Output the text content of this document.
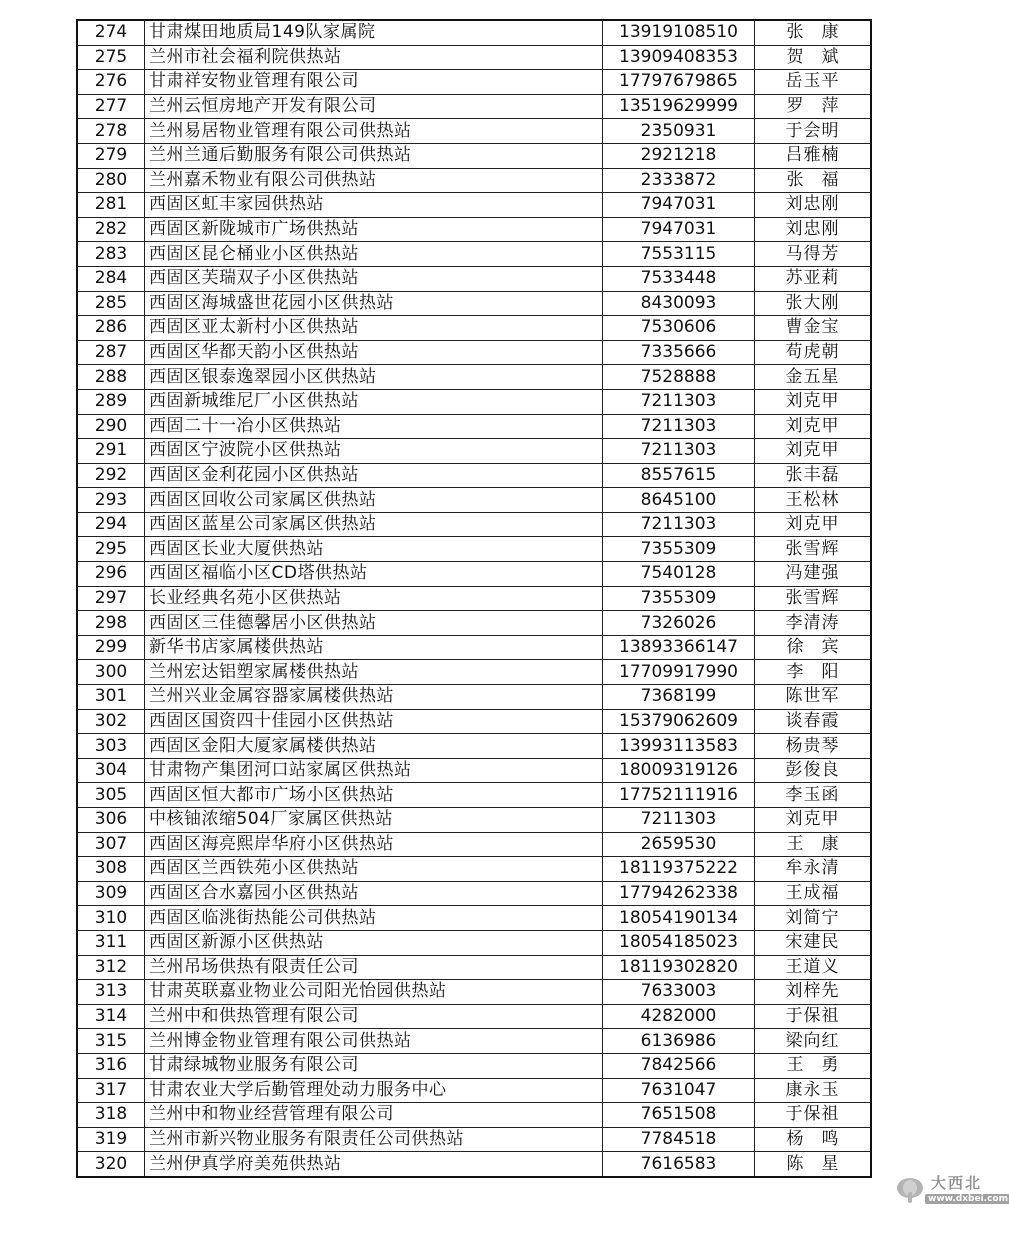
274	甘肃煤田地质局149队家属院	13919108510	张康
275	兰州市社会福利院供热站	13909408353	贺斌
276	甘肃祥安物业管理有限公司	17797679865	岳玉平
277	兰州云恒房地产开发有限公司	13519629999	罗萍
278	兰州易居物业管理有限公司供热站	2350931	于会明
279	兰州兰通后勤服务有限公司供热站	2921218	吕雅楠
280	兰州嘉禾物业有限公司供热站	2333872	张福
281	西固区虹丰家园供热站	7947031	刘忠刚
282	西固区新陇城市广场供热站	7947031	刘忠刚
283	西固区昆仑桶业小区供热站	7553115	马得芳
284	西固区芙瑞双子小区供热站	7533448	苏亚莉
285	西固区海城盛世花园小区供热站	8430093	张大刚
286	西固区亚太新村小区供热站	7530606	曹金宝
287	西固区华都天韵小区供热站	7335666	苟虎朝
288	西固区银泰逸翠园小区供热站	7528888	金五星
289	西固新城维尼厂小区供热站	7211303	刘克甲
290	西固二十一冶小区供热站	7211303	刘克甲
291	西固区宁波院小区供热站	7211303	刘克甲
292	西固区金利花园小区供热站	8557615	张丰磊
293	西固区回收公司家属区供热站	8645100	王松林
294	西固区蓝星公司家属区供热站	7211303	刘克甲
295	西固区长业大厦供热站	7355309	张雪辉
296	西固区福临小区CD塔供热站	7540128	冯建强
297	长业经典名苑小区供热站	7355309	张雪辉
298	西固区三佳德馨居小区供热站	7326026	李清涛
299	新华书店家属楼供热站	13893366147	徐宾
300	兰州宏达铝塑家属楼供热站	17709917990	李阳
301	兰州兴业金属容器家属楼供热站	7368199	陈世军
302	西固区国资四十佳园小区供热站	15379062609	谈春霞
303	西固区金阳大厦家属楼供热站	13993113583	杨贵琴
304	甘肃物产集团河口站家属区供热站	18009319126	彭俊良
305	西固区恒大都市广场小区供热站	17752111916	李玉函
306	中核铀浓缩504厂家属区供热站	7211303	刘克甲
307	西固区海亮熙岸华府小区供热站	2659530	王康
308	西固区兰西铁苑小区供热站	18119375222	牟永清
309	西固区合水嘉园小区供热站	17794262338	王成福
310	西固区临洮街热能公司供热站	18054190134	刘简宁
311	西固区新源小区供热站	18054185023	宋建民
312	兰州吊场供热有限责任公司	18119302820	王道义
313	甘肃英联嘉业物业公司阳光怡园供热站	7633003	刘梓先
314	兰州中和供热管理有限公司	4282000	于保祖
315	兰州博金物业管理有限公司供热站	6136986	梁向红
316	甘肃绿城物业服务有限公司	7842566	王勇
317	甘肃农业大学后勤管理处动力服务中心	7631047	康永玉
318	兰州中和物业经营管理有限公司	7651508	于保祖
319	兰州市新兴物业服务有限责任公司供热站	7784518	杨鸣
320	兰州伊真学府美苑供热站	7616583	陈星
大西北
www.dxbei.com
